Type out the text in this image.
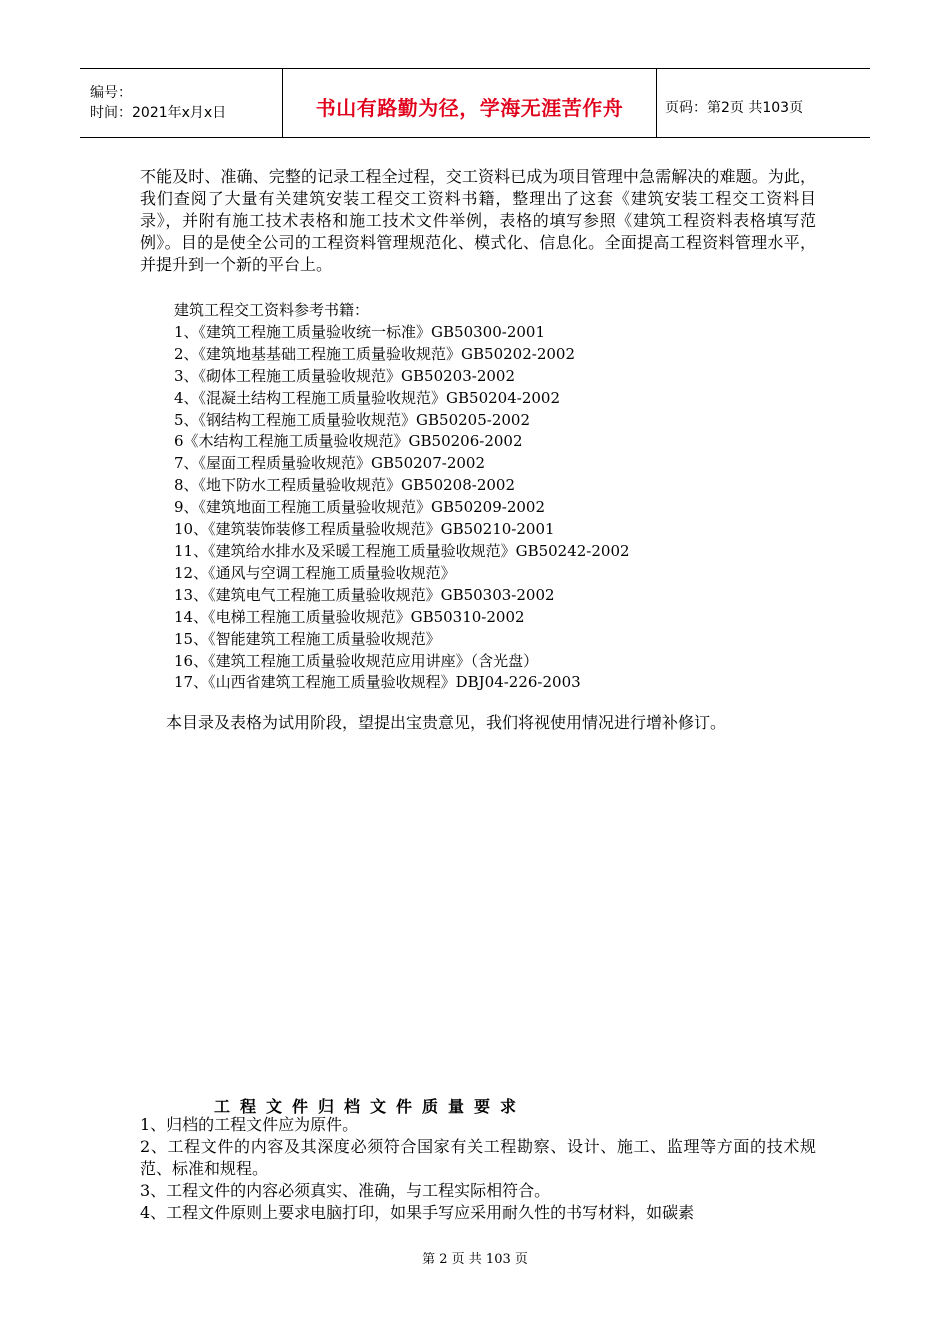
编号：
时间：2021年x月x日	书山有路勤为径，学海无涯苦作舟	页码：第2页 共103页

不能及时、准确、完整的记录工程全过程，交工资料已成为项目管理中急需解决的难题。为此，我们查阅了大量有关建筑安装工程交工资料书籍，整理出了这套《建筑安装工程交工资料目录》，并附有施工技术表格和施工技术文件举例，表格的填写参照《建筑工程资料表格填写范例》。目的是使全公司的工程资料管理规范化、模式化、信息化。全面提高工程资料管理水平，并提升到一个新的平台上。

建筑工程交工资料参考书籍：
1、《建筑工程施工质量验收统一标准》GB50300-2001
2、《建筑地基基础工程施工质量验收规范》GB50202-2002
3、《砌体工程施工质量验收规范》GB50203-2002
4、《混凝土结构工程施工质量验收规范》GB50204-2002
5、《钢结构工程施工质量验收规范》GB50205-2002
6《木结构工程施工质量验收规范》GB50206-2002
7、《屋面工程质量验收规范》GB50207-2002
8、《地下防水工程质量验收规范》GB50208-2002
9、《建筑地面工程施工质量验收规范》GB50209-2002
10、《建筑装饰装修工程质量验收规范》GB50210-2001
11、《建筑给水排水及采暖工程施工质量验收规范》GB50242-2002
12、《通风与空调工程施工质量验收规范》
13、《建筑电气工程施工质量验收规范》GB50303-2002
14、《电梯工程施工质量验收规范》GB50310-2002
15、《智能建筑工程施工质量验收规范》
16、《建筑工程施工质量验收规范应用讲座》（含光盘）
17、《山西省建筑工程施工质量验收规程》DBJ04-226-2003

本目录及表格为试用阶段，望提出宝贵意见，我们将视使用情况进行增补修订。

工程文件归档文件质量要求

1、归档的工程文件应为原件。

2、工程文件的内容及其深度必须符合国家有关工程勘察、设计、施工、监理等方面的技术规范、标准和规程。

3、工程文件的内容必须真实、准确，与工程实际相符合。

4、工程文件原则上要求电脑打印，如果手写应采用耐久性的书写材料，如碳素

第 2 页 共 103 页
